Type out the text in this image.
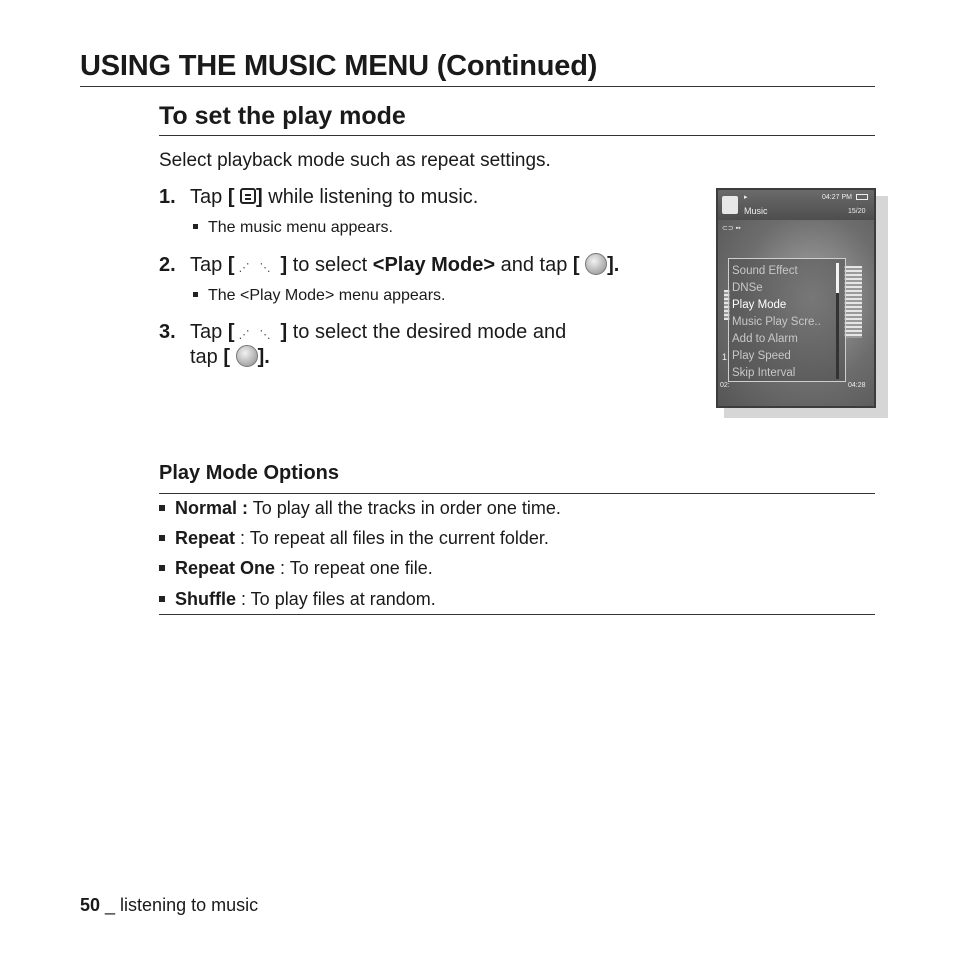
USING THE MUSIC MENU (Continued)
To set the play mode
Select playback mode such as repeat settings.
1. Tap [ ] while listening to music.
The music menu appears.
2. Tap [ ⋰⋱] to select <Play Mode> and tap [ ].
The <Play Mode> menu appears.
3. Tap [ ⋰⋱] to select the desired mode and
tap [ ].
▸
Music
04:27 PM
15/20
⊂⊃ ▪▪
1
Sound Effect
DNSe
Play Mode
Music Play Scre..
Add to Alarm
Play Speed
Skip Interval
02:	04:28
Play Mode Options
Normal : To play all the tracks in order one time.
Repeat : To repeat all files in the current folder.
Repeat One : To repeat one file.
Shuffle : To play files at random.
50 _ listening to music
